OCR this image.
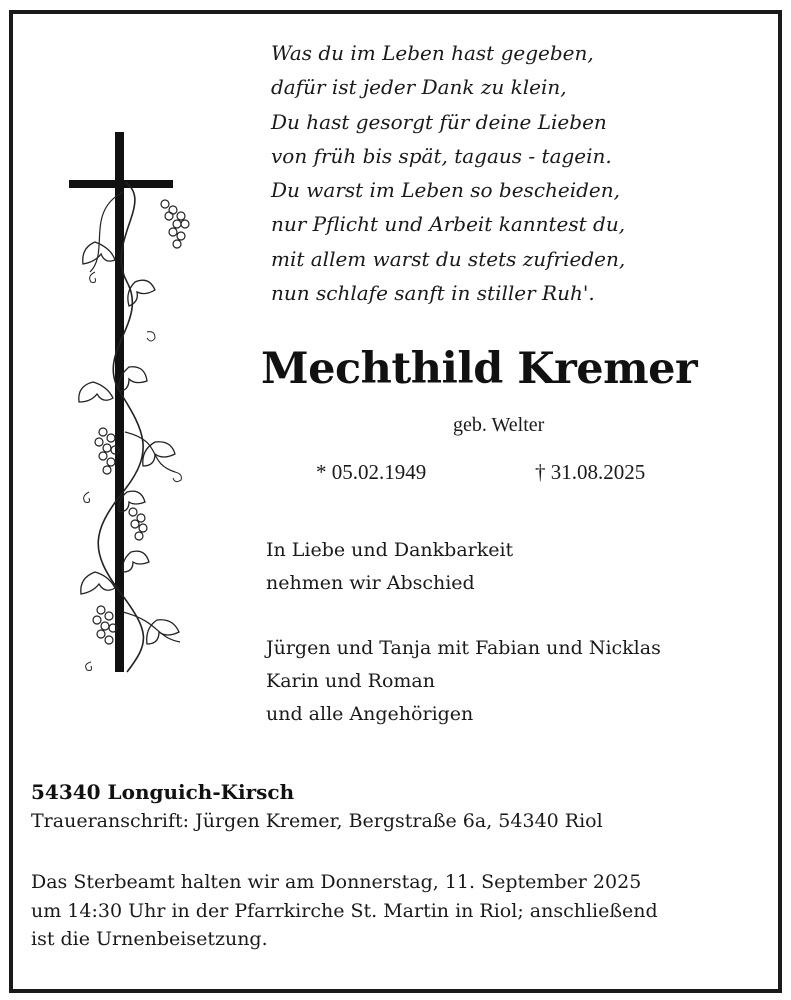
Was du im Leben hast gegeben,
dafür ist jeder Dank zu klein,
Du hast gesorgt für deine Lieben
von früh bis spät, tagaus - tagein.
Du warst im Leben so bescheiden,
nur Pflicht und Arbeit kanntest du,
mit allem warst du stets zufrieden,
nun schlafe sanft in stiller Ruh'.
Mechthild Kremer
geb. Welter
* 05.02.1949	† 31.08.2025
In Liebe und Dankbarkeit
nehmen wir Abschied
Jürgen und Tanja mit Fabian und Nicklas
Karin und Roman
und alle Angehörigen
54340 Longuich-Kirsch
Traueranschrift: Jürgen Kremer, Bergstraße 6a, 54340 Riol
Das Sterbeamt halten wir am Donnerstag, 11. September 2025
um 14:30 Uhr in der Pfarrkirche St. Martin in Riol; anschließend
ist die Urnenbeisetzung.
